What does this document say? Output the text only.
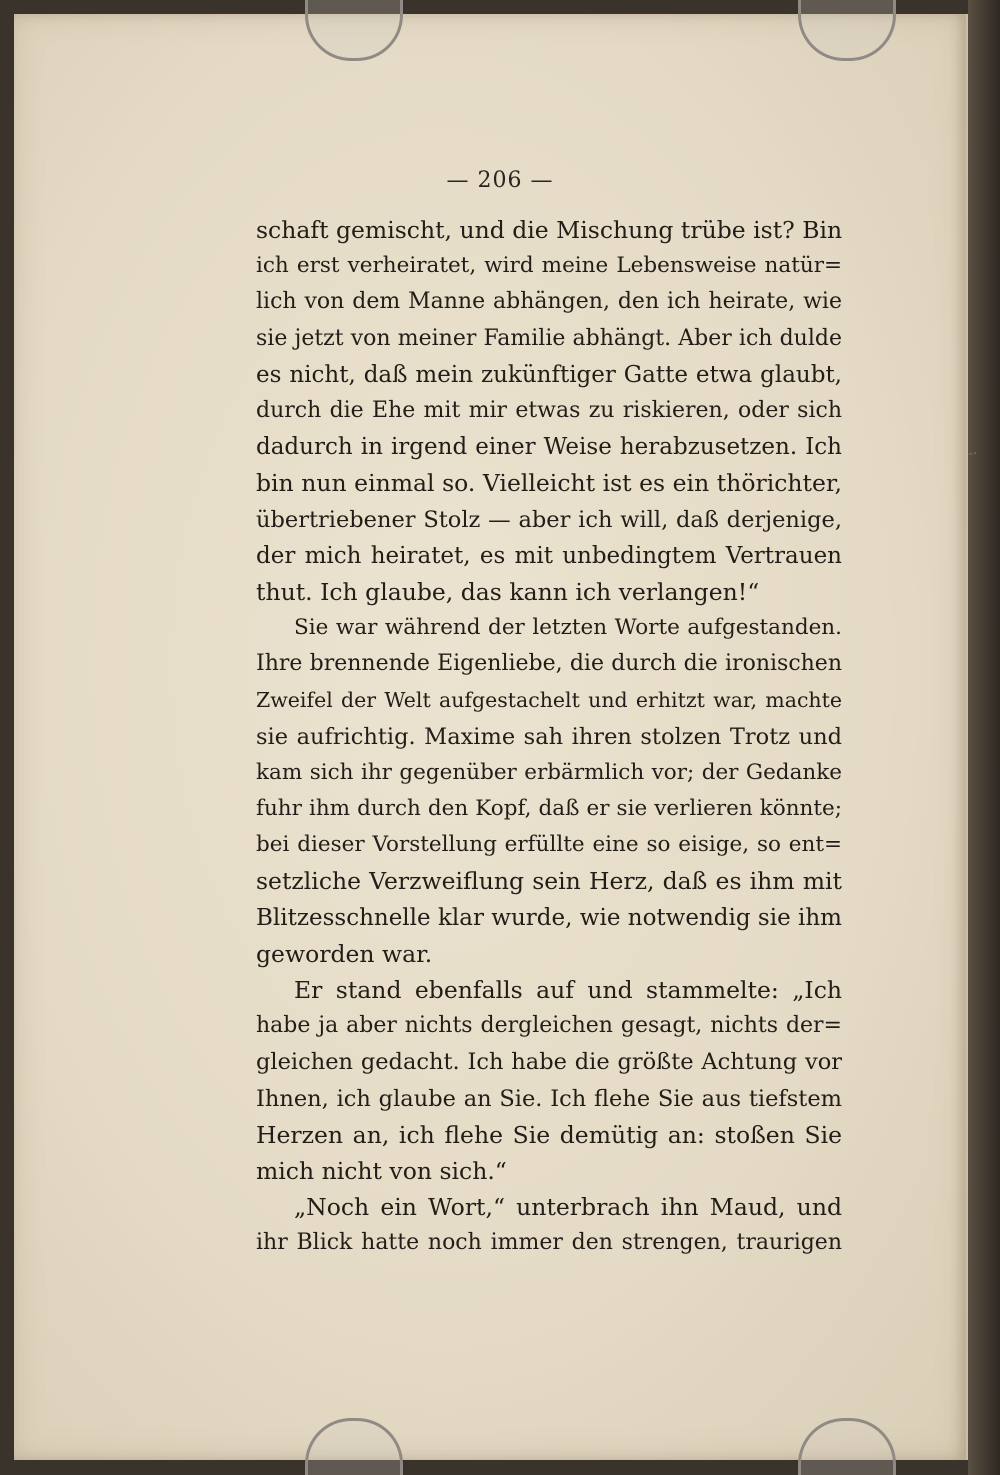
— 206 —
schaft gemischt, und die Mischung trübe ist? Bin
ich erst verheiratet, wird meine Lebensweise natür=
lich von dem Manne abhängen, den ich heirate, wie
sie jetzt von meiner Familie abhängt. Aber ich dulde
es nicht, daß mein zukünftiger Gatte etwa glaubt,
durch die Ehe mit mir etwas zu riskieren, oder sich
dadurch in irgend einer Weise herabzusetzen. Ich
bin nun einmal so. Vielleicht ist es ein thörichter,
übertriebener Stolz — aber ich will, daß derjenige,
der mich heiratet, es mit unbedingtem Vertrauen
thut. Ich glaube, das kann ich verlangen!“
Sie war während der letzten Worte aufgestanden.
Ihre brennende Eigenliebe, die durch die ironischen
Zweifel der Welt aufgestachelt und erhitzt war, machte
sie aufrichtig. Maxime sah ihren stolzen Trotz und
kam sich ihr gegenüber erbärmlich vor; der Gedanke
fuhr ihm durch den Kopf, daß er sie verlieren könnte;
bei dieser Vorstellung erfüllte eine so eisige, so ent=
setzliche Verzweiflung sein Herz, daß es ihm mit
Blitzesschnelle klar wurde, wie notwendig sie ihm
geworden war.
Er stand ebenfalls auf und stammelte: „Ich
habe ja aber nichts dergleichen gesagt, nichts der=
gleichen gedacht. Ich habe die größte Achtung vor
Ihnen, ich glaube an Sie. Ich flehe Sie aus tiefstem
Herzen an, ich flehe Sie demütig an: stoßen Sie
mich nicht von sich.“
„Noch ein Wort,“ unterbrach ihn Maud, und
ihr Blick hatte noch immer den strengen, traurigen
-·
